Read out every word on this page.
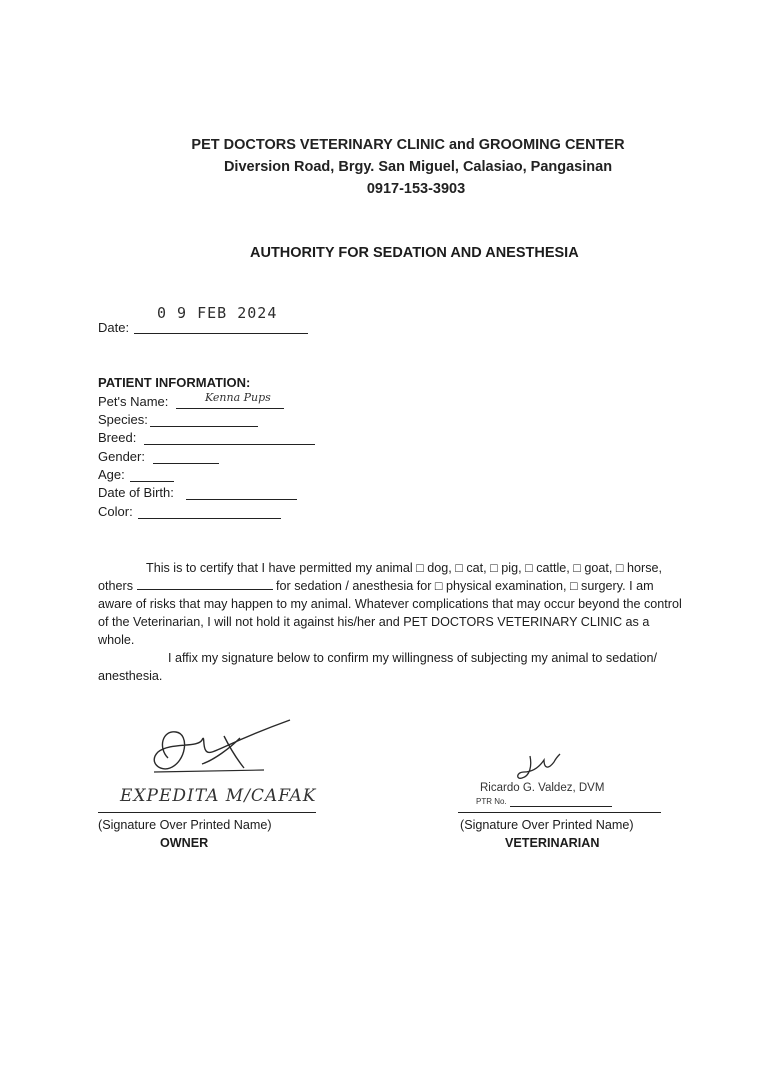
PET DOCTORS VETERINARY CLINIC and GROOMING CENTER
Diversion Road, Brgy. San Miguel, Calasiao, Pangasinan
0917-153-3903
AUTHORITY FOR SEDATION AND ANESTHESIA
Date:
0 9 FEB 2024
PATIENT INFORMATION:
Pet's Name:	Kenna Pups
Species:
Breed:
Gender:
Age:
Date of Birth:
Color:

This is to certify that I have permitted my animal □ dog, □ cat, □ pig, □ cattle, □ goat, □ horse, others	for sedation / anesthesia for □ physical examination, □ surgery. I am aware of risks that may happen to my animal. Whatever complications that may occur beyond the control of the Veterinarian, I will not hold it against his/her and PET DOCTORS VETERINARY CLINIC as a whole.

I affix my signature below to confirm my willingness of subjecting my animal to sedation/ anesthesia.

EXPEDITA M/CAFAK
(Signature Over Printed Name)
OWNER
Ricardo G. Valdez, DVM
PTR No.
(Signature Over Printed Name)
VETERINARIAN
